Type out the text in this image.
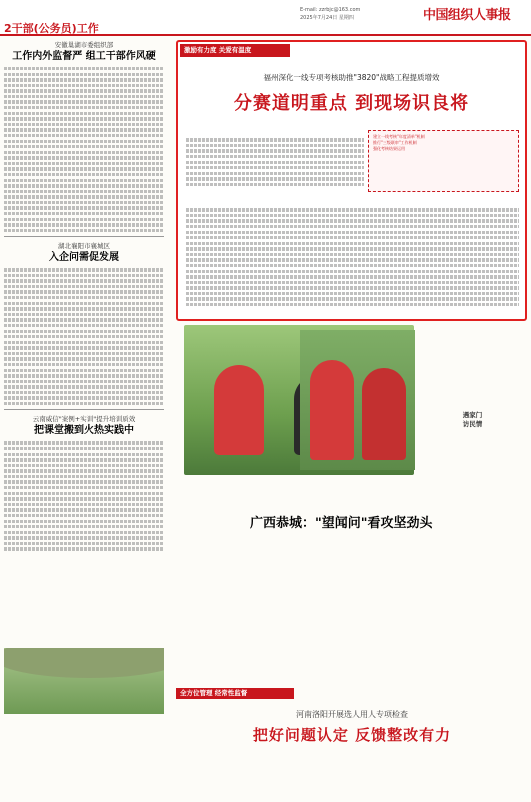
2干部(公务员)工作
E-mail: zzrbjc@163.com
2025年7月24日 星期四	中国组织人事报
安徽巢湖市委组织部
工作内外监督严 组工干部作风硬
湖北襄阳市襄城区
入企问需促发展
云南威信"案例+实训"提升培训质效
把课堂搬到火热实践中
激励有力度 关爱有温度
福州深化一线专项考核助推"3820"战略工程提质增效
分赛道明重点 到现场识良将
建立一线考核"年度清单"机制
推行"三级联审"工作机制
强化考核结果运用
遇家门
访民情
广西恭城："望闻问"看攻坚劲头
全方位管理 经常性监督
河南洛阳开展选人用人专项检查
把好问题认定 反馈整改有力
